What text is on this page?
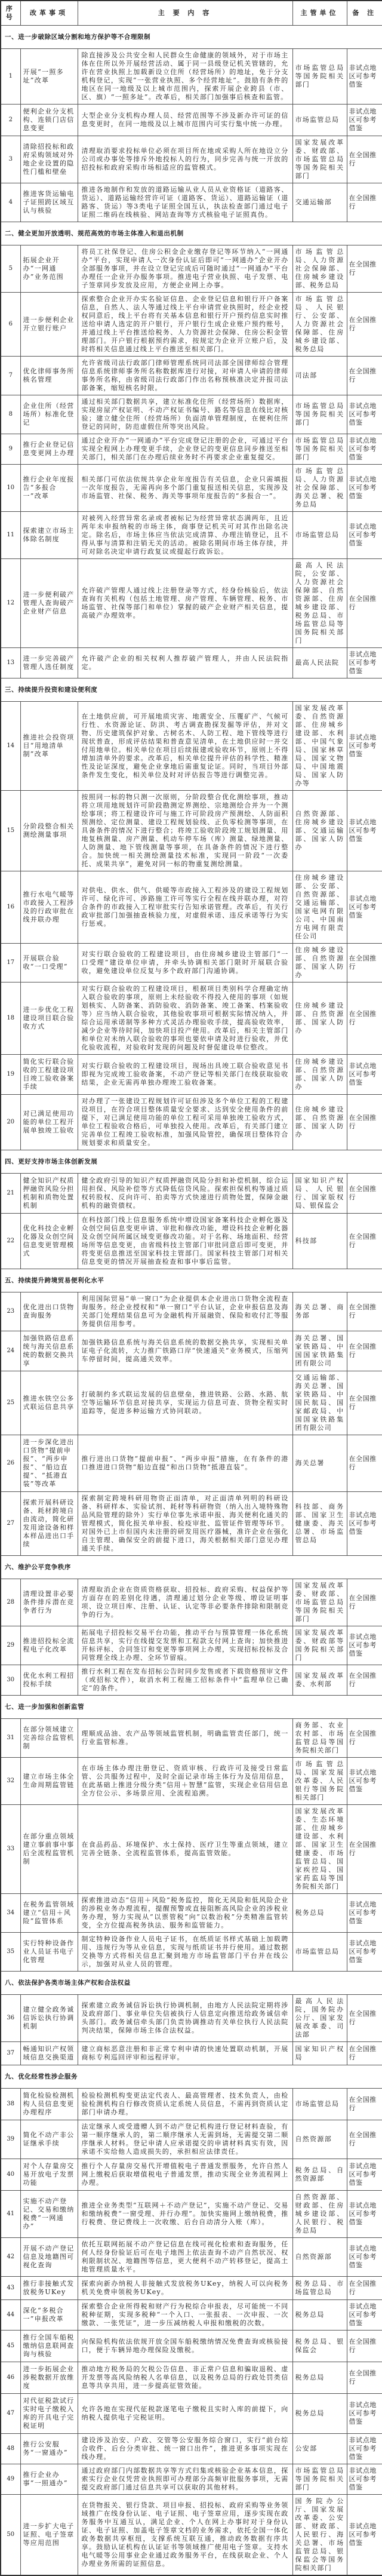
序号	改革事项	主 要 内 容	主管单位	备 注
一、进一步破除区域分割和地方保护等不合理限制				
1	开展“一照多址”改革	除直接涉及公共安全和人民群众生命健康的领域外，对于市场主体在住所以外开展经营活动、属于同一县级登记机关管辖的，允许在营业执照上加载新设立住所（经营场所）的地址，免于分支机构登记，实现“一张营业执照、多个经营地址”。鼓励有条件的地区在同一地级及以上城市范围内，探索开展企业跨县（市、区、旗）“一照多址”。改革后，相关部门加强事后核查和监管。	市场监管总局等国务院相关部门	非试点地区可参考借鉴
2	便利企业分支机构、连锁门店信息变更	大型企业分支机构办理人员、经营范围等不涉及新办许可证的信息变更时，在同一地级及以上城市范围内可实行集中统一办理。	市场监管总局	非试点地区可参考借鉴
3	清除招投标和政府采购领域对外地企业设置的隐性门槛和壁垒	清理取消要求投标单位必须在项目所在地或采购人所在地设立分公司或办事处等排斥外地投标人的行为，同步完善与统一开放的招投标和政府采购市场相适应的监管模式。	国家发展改革委、财政部、市场监管总局等国务院相关部门	在全国推行
4	推进客货运输电子证照跨区域互认与核验	推进各地制作和发放的道路运输从业人员从业资格证（道路客、货运）、道路运输经营许可证（道路客、货运）、道路运输证（道路客、货运）等3类电子证照全国互认，执法检查部门通过电子证照二维码在线核验、网站查询等方式核验电子证照真伪。	交通运输部	在全国推行
二、健全更加开放透明、规范高效的市场主体准入和退出机制				
5	拓展企业开办“一网通办”业务范围	将员工社保登记、住房公积金企业缴存登记等环节纳入“一网通办”平台，实现申请人一次身份认证后即可“一网通办”企业开办全部服务事项，并在设立登记完成后可随时通过“一网通办”平台办理任一企业开办服务事项。推进电子营业执照、电子发票、电子签章同步发放及应用，方便企业网上办事。	市场监管总局、人力资源社会保障部、住房城乡建设部、税务总局	在全国推行
6	进一步便利企业开立银行账户	探索整合企业开办实名验证信息、企业登记信息和银行开户备案信息，自然人、法人等通过线上平台申请营业执照时，经企业授权同意后，线上平台将有关基本信息和银行开户预约信息实时推送给申请人选定的开户银行，开户银行生成企业账户预约账号，并通过线上平台推送给税务、人力资源社会保障、住房公积金管理部门。开户银行根据预约需求，按规定为企业开立账户后，及时将相关信息通过线上平台推送至相关部门。	市场监管总局、人民银行、公安部、人力资源社会保障部、住房城乡建设部、税务总局	在全国推行
7	优化律师事务所核名管理	允许省级司法行政部门律师管理系统同司法部全国律师综合管理信息系统律师事务所名称数据库进行对接，对申请人申请的律师事务所名称，由省级司法行政部门作出名称预核准决定并报司法部备案，缩短核名时限。	司法部	在全国推行
8	企业住所（经营场所）标准化登记	通过相关部门数据共享，建立标准化住所（经营场所）数据库，实现房屋产权证明、不动产权证书编号、路名等信息在线比对核验；建立健全住所（经营场所）负面清单管理制度，在便利住所登记的同时，防范虚假住所等突出风险。	市场监管总局等国务院相关部门	非试点地区可参考借鉴
9	推行企业登记信息变更网上办理	通过企业开办“一网通办”平台完成登记注册的企业，可通过平台实现全程网上办理变更手续，企业登记的变更信息同步推送至相关部门，相关部门在办理后续业务时不再要求企业重复提交。	市场监管总局等国务院相关部门	非试点地区可参考借鉴
10	推行企业年度报告“多报合一”改革	相关部门可依法依规共享企业年度报告有关信息，企业只需填报一次年度报告，无需再向多个部门重复报送相关信息，实现涉及市场监管、社保、税务、海关等事项年度报告的“多报合一”。	市场监管总局、人力资源社会保障部、海关总署、税务总局	非试点地区可参考借鉴
11	探索建立市场主体除名制度	对被列入经营异常名录或者被标记为经营异常状态满两年，且近两年未申报纳税的市场主体，商事登记机关可对其作出除名决定。除名后，市场主体应当依法完成清算、办理注销登记，且不得从事与清算和注销无关的活动。被除名期间市场主体存续，并可对除名决定申请行政复议或提起行政诉讼。	市场监管总局	非试点地区可参考借鉴
12	进一步便利破产管理人查询破产企业财产信息	允许破产管理人通过线上注册登录等方式，经身份核验后，依法查询有关机构（包括土地管理、房产管理、车辆管理、税务、市场监管、社保等部门和单位）掌握的破产企业财产相关信息，提高破产办理效率。	最高人民法院，公安部、人力资源社会保障部、自然资源部、住房城乡建设部、税务总局、市场监管总局等国务院相关部门	在全国推行
13	进一步完善破产管理人选任制度	允许破产企业的相关权利人推荐破产管理人，并由人民法院指定。	最高人民法院	非试点地区可参考借鉴
三、持续提升投资和建设便利度				
14	推进社会投资项目“用地清单制”改革	在土地供应前，可开展地质灾害、地震安全、压覆矿产、气候可行性、水资源论证、防洪、考古调查勘探发掘等评估，并对文物、历史建筑保护对象、古树名木、人防工程、地下管线等进行现状普查，形成评估结果和普查意见清单，在土地供应时一并交付用地单位。相关单位在项目后续报建或验收环节，原则上不得增加清单外的要求。改革后，相关单位提升评估的科学性、精准性及论证深度，避免企业拿地后需重复论证。同时，当项目外部条件发生变化，相关单位及时对评估报告等进行调整完善。	国家发展改革委、自然资源部、住房城乡建设部、水利部、中国气象局、国家林草局、国家文物局、中国地震局、国家人防办等	非试点地区可参考借鉴
15	分阶段整合相关测绘测量事项	按照同一标的物只测一次原则，分阶段整合优化测绘事项，推动将立项用地规划许可阶段勘测定界测绘、宗地测绘合并为一个测绘事项；将工程建设许可与施工许可阶段房产预测绘、人防面积预测绘、定位测量、建设工程规划验线、正负零检测等事项，在具备条件的情况下进行整合；将竣工验收阶段竣工规划测量、用地复核测量、房产测量、机动车停车场（库）测量、绿地测量、人防测量、地下管线测量等事项，在具备条件的情况下进行整合。加快统一相关测绘测量技术标准，实现同一阶段“一次委托、成果共享”，避免对同一标的物重复测绘测量。	自然资源部、住房城乡建设部、交通运输部、国家人防办	非试点地区可参考借鉴
16	推行水电气暖等市政接入工程涉及的行政审批在线并联办理	对供电、供水、供气、供暖等市政接入工程涉及的建设工程规划许可、绿化许可、涉路施工许可等实行全程在线并联办理，对符合条件的市政接入工程审批实行告知承诺管理。改革后，有关行政审批部门加强抽查核验力度，对虚假承诺、违反承诺等行为实行惩戒。	住房城乡建设部、公安部、自然资源部、交通运输部、国家电网有限公司、中国南方电网有限责任公司	非试点地区可参考借鉴
17	开展联合验收“一口受理”	对实行联合验收的工程建设项目，由住房城乡建设主管部门“一口受理”建设单位申请，并牵头协调相关部门限时开展联合验收，避免建设单位反复与多个政府部门沟通协调。	住房城乡建设部、自然资源部、国家人防办	在全国推行
18	进一步优化工程建设项目联合验收方式	对实行联合验收的工程建设项目，根据项目类别科学合理确定纳入联合验收的事项，原则上未经验收不得投入使用的事项（如规划核实、人防备案、消防验收、消防备案、竣工备案、档案验收等）应当纳入联合验收，其他验收事项可根据实际情况纳入，并综合运用承诺制等多种方式灵活办理验收手续，提高验收效率，减少企业等待时间，加快项目投产使用。改革后，相关主管部门和单位对未纳入联合验收的事项也要依申请及时进行验收，并优化验收流程，对验收时发现的问题及时督促建设单位整改。	住房城乡建设部、自然资源部、国家人防办	在全国推行
19	简化实行联合验收的工程建设项目竣工验收备案手续	对实行联合验收的工程建设项目，现场出具竣工联合验收意见书即视为完成竣工验收备案，不动产登记等相关部门在线获取验收结果，企业无需再单独办理竣工验收备案。	住房城乡建设部、自然资源部、国家人防办	非试点地区可参考借鉴
20	对已满足使用功能的单位工程开展单独竣工验收	对办理了一张建设工程规划许可证但涉及多个单位工程的工程建设项目，在符合项目整体质量安全要求、达到安全使用条件的前提下，对已满足使用功能的单位工程可采用单独竣工验收方式，单位工程验收合格后，可单独投入使用。改革后，有关部门建立完善单位工程竣工验收标准，加强风险管控，确保项目整体符合规划要求和质量安全。	住房城乡建设部、自然资源部、国家人防办	在全国推行
四、更好支持市场主体创新发展				
21	健全知识产权质押融资风险分担机制和质物处置机制	健全政府引导的知识产权质押融资风险分担和补偿机制，综合运用担保、风险补偿等方式降低信贷风险。探索担保机构等通过质权转股权、反向许可、拍卖等方式快速进行质物处置，保障金融机构的融资债权。	国家知识产权局、人民银行、国家版权局、银保监会	在全国推行
22	优化科技企业孵化器及众创空间信息变更管理模式	在科技部门线上信息服务系统中增设国家备案科技企业孵化器及众创空间信息变更申请、审批和修改功能，增设科技企业孵化器及众创空间所属区域变更修改功能。对于名称、场地面积、经营场所等信息变更，由省级科技主管部门审批同意后即可变更，并将变更信息推送至国家科技主管部门。国家科技主管部门对相关信息变更的情况开展抽查检查和事中事后监管。	科技部	在全国推行
五、持续提升跨境贸易便利化水平				
23	优化进出口货物查询服务	利用国际贸易“单一窗口”为企业提供本企业进出口货物全流程查询服务。经企业授权和“单一窗口”平台认证，企业申报信息及海关部门处理结果信息可为金融机构开展融资、保险和收付汇等服务提供信用参考。	海关总署、商务部	在全国推行
24	加强铁路信息系统与海关信息系统的数据交换共享	加强铁路信息系统与海关信息系统的数据交换共享，实现相关单证电子化流转，大力推广铁路口岸“快速通关”业务模式，压缩列车停留时间，提高通关效率。	海关总署、国家铁路局、中国国家铁路集团有限公司	在全国推行
25	推进水铁空公多式联运信息共享	打破制约多式联运发展的信息壁垒，推进铁路、公路、水路、航空等运输环节信息对接共享，实现运力信息可查、货物全程实时追踪等，促进多种运输方式协同联动。	交通运输部、海关总署、国家铁路局、中国民航局、国家邮政局、中国国家铁路集团有限公司	在全国推行
26	进一步深化进出口货物“提前申报”、“两步申报”、“船边直提”、“抵港直装”等改革	推行进出口货物“提前申报”、“两步申报”措施，在有条件的港口推进进口货物“船边直提”和出口货物“抵港直装”。	海关总署	在全国推行
27	探索开展科研设备、耗材跨境自由流动，简化研发用途设备和样本样品进出口手续	探索制定跨境科研用物资正面清单，对正面清单列明的科研设备、科研样本、实验试剂、耗材等科研物资（纳入出入境特殊物品风险管理的除外）实行单位事先承诺申报、海关便利化通关的管理模式，简化报关单申报、检疫审批、监管证件管理等环节。对国外已上市但国内未注册的研发用医疗器械，准许企业在强化自主管理、确保安全的前提下进口，海关根据相关部门意见办理通关手续。	科技部、商务部、国家卫生健康委、海关总署、市场监管总局	非试点地区可参考借鉴
六、维护公平竞争秩序				
28	清理设置非必要条件排斥潜在竞争者行为	清理取消企业在资质资格获取、招投标、政府采购、权益保护等方面存在的差别化待遇，清理通过划分企业等级、增设证明事项、设立项目库、注册、认证、认定等非必要条件排除和限制竞争的行为。	国家发展改革委、财政部、市场监管总局等国务院相关部门	在全国推行
29	推进招投标全流程电子化改革	拓展电子招投标交易平台功能，推动平台与预算管理一体化系统信息共享，实行在线提交发票和工程款支付网上查询；加快推进开标评标、合同签订和变更等事项网上办理，实现招标投标及合同管理全线上办理、全环节留痕。	国家发展改革委、财政部等国务院相关部门	非试点地区可参考借鉴
30	优化水利工程招投标手续	推行水利工程在发布招标公告时同步发售或者下载资格预审文件（或招标文件），取消水利工程施工招标条件中“监理单位已确定”的条件。	国家发展改革委、水利部	在全国推行
七、进一步加强和创新监管				
31	在部分领域建立完善综合监管机制	理顺成品油、农产品等领域监管机制，明确监管责任部门，统一行业监管标准。	商务部、农业农村部、市场监管总局等国务院相关部门	在全国推行
32	建立市场主体全生命周期监管链	在市场主体办理注册登记、资质审核、行政许可及接受日常监管、公共服务过程中，及时全面记录市场主体行为及信用信息，在此基础上推进分级分类“信用＋智慧”监管，实现企业信用信息全方位公示、多场景应用、全流程追溯。	市场监管总局、国家发展改革委、人民银行等国务院相关部门	非试点地区可参考借鉴
33	在部分重点领域建立事前事中事后全流程监管机制	在食品药品、环境保护、水土保持、医疗卫生等重点领域，建立完善全链条、全流程监管体系，提高监管效能。	国家发展改革委、生态环境部、住房城乡建设部、水利部、国家卫生健康委、市场监管总局、国家疾控局、国家药监局等国务院相关部门	在全国推行
34	在税务监管领域建立“信用＋风险”监管体系	探索推进动态“信用＋风险”税务监控，简化无风险和低风险企业的涉税业务办理流程，提醒预警或直接阻断高风险企业的涉税业务办理，努力实现从“以票管税”向“以数治税”分类精准监管转变，全方位提高税务执法、服务和监管能力。	税务总局	非试点地区可参考借鉴
35	实行特种设备作业人员证书电子化管理	制定特种设备作业人员电子证书，在纸质证书样式基础上加载聘用、违规行为等从业信息，实现与纸质证书并行使用。通过数据交换等方式将相关信息汇聚到地方市场监管部门平台并在线公示，加强对从业人员的管理。	市场监管总局	非试点地区可参考借鉴
八、依法保护各类市场主体产权和合法权益				
36	建立健全政务诚信诉讼执行协调机制	探索建立政务诚信诉讼执行协调机制，由地方人民法院定期将涉及政府部门、事业单位失信被执行人信息定向推送给政务诚信牵头部门。政务诚信牵头部门负责协调推动有关单位执行人民法院判决结果，保障市场主体合法权益。	最高人民法院，国务院办公厅、国家发展改革委、司法部	在全国推行
37	畅通知识产权领域信息交换渠道	建立商标恶意注册和非正常专利申请的快速处置联动机制，开展商标专利巡回评审和远程评审。	国家知识产权局	在全国推行
九、优化经常性涉企服务				
38	简化检验检测机构人员信息变更办理程序	检验检测机构变更法定代表人、最高管理者、技术负责人，由检验检测机构自行修改资质认定系统人员信息，不需再到资质认定部门申请办理。	市场监管总局	在全国推行
39	简化不动产非公证继承手续	法定继承人或受遗赠人到不动产登记机构进行登记材料查验，有第一顺序继承人的，第二顺序继承人无需到场，无需提交第二顺序继承人材料。登记申请人应承诺提交的申请材料真实有效，因承诺不实给他人造成损失的，承担相应法律责任。	自然资源部	在全国推行
40	对个人存量房交易开放电子发票功能	推行个人存量房交易代开增值税电子普通发票服务，允许自然人网上缴税后获取增值税电子普通发票，推动实现全业务流程网上办理。	税务总局、自然资源部	非试点地区可参考借鉴
41	实施不动产登记、交易和缴纳税费“一网通办”	推进全业务类型“互联网＋不动产登记”，实施不动产登记、交易和缴纳税费“一窗受理、并行办理”。加快实施网上缴纳税费，推行税费、登记费线上一次收缴、后台自动清分入账（库）。	自然资源部、财政部、住房城乡建设部、人民银行、税务总局	非试点地区可参考借鉴
42	开展不动产登记信息及地籍图可视化查询	依托互联网拓展不动产登记信息在线可视化检索和查询服务，任何人经身份验证后可在电子地图上依法查询不动产自然状况、权利限制状况、地籍图等信息，更大便利不动产转移登记，提高土地管理质量水平。	自然资源部	非试点地区可参考借鉴
43	推行非接触式发放税务UKey	探索向新办纳税人非接触式发放税务UKey，纳税人可以向税务机关免费申领税务UKey。	税务总局、市场监管总局	在全国推行
44	深化“多税合一”申报改革	探索整合企业所得税和财产行为税综合申报表，尽可能统一不同税种征期，实现多税种“一个入口、一张报表、一次申报、一次缴款、一张凭证”，进一步压减纳税人申报和缴税的次数。	税务总局	非试点地区可参考借鉴
45	推行全国车船税缴纳信息联网查询与核验	向保险机构依法依规开放全国车船税缴纳情况免费查询或核验接口，便于车辆异地办理保险及缴税。	税务总局、银保监会	在全国推行
46	进一步拓展企业涉税数据开放维度	推动地方税务局的欠税公告信息、非正常户信息和骗取退税、虚开发票等高风险纳税人名单信息，以及税务总局的行政处罚类信息等共享共用，进一步提高征管效能。	税务总局	在全国推行
47	对代征税款试行实时电子缴税入库的开具电子完税证明	允许各地在实现代征税款逐笔电子缴税且实时入库的前提下，向纳税人提供电子完税证明。	税务总局	非试点地区可参考借鉴
48	推行公安服务“一窗通办”	建设涉及治安、户政、交管等公安服务综合窗口，实行“前台综合收件、后台分类审批、统一窗口出件”，推进更多事项实现在线办理。	公安部	非试点地区可参考借鉴
49	推行企业办事“一照通办”	通过政府部门内部数据共享等方式归集或核验企业基本信息，探索实行企业仅凭营业执照即可办理部分高频审批服务事项，无需提交政府部门通过信息共享可以获取的其他材料。	市场监管总局等国务院相关部门	非试点地区可参考借鉴
50	进一步扩大电子证照、电子签章等应用范围	在货物报关、银行贷款、项目申报、招投标、政府采购等业务领域推广在线身份认证、电子证照、电子签章应用，逐步实现在政务服务中互通互认，满足企业、个人在网上办事时对于身份认证、电子证照、加盖电子签章文档的业务需求，依托全国一体化政务数据共享枢纽，支撑系统互联互通，推动政务数据有序共享。鼓励认证机构在认证证书等领域推广使用电子签章。支持水电气暖等公用事业企业通过政务服务平台，在线获取企业、个人办理业务所需的证照信息。	国务院办公厅、国家发展改革委、公安部、财政部、人民银行、海关总署、市场监管总局、银保监会等国务院相关部门	非试点地区可参考借鉴
